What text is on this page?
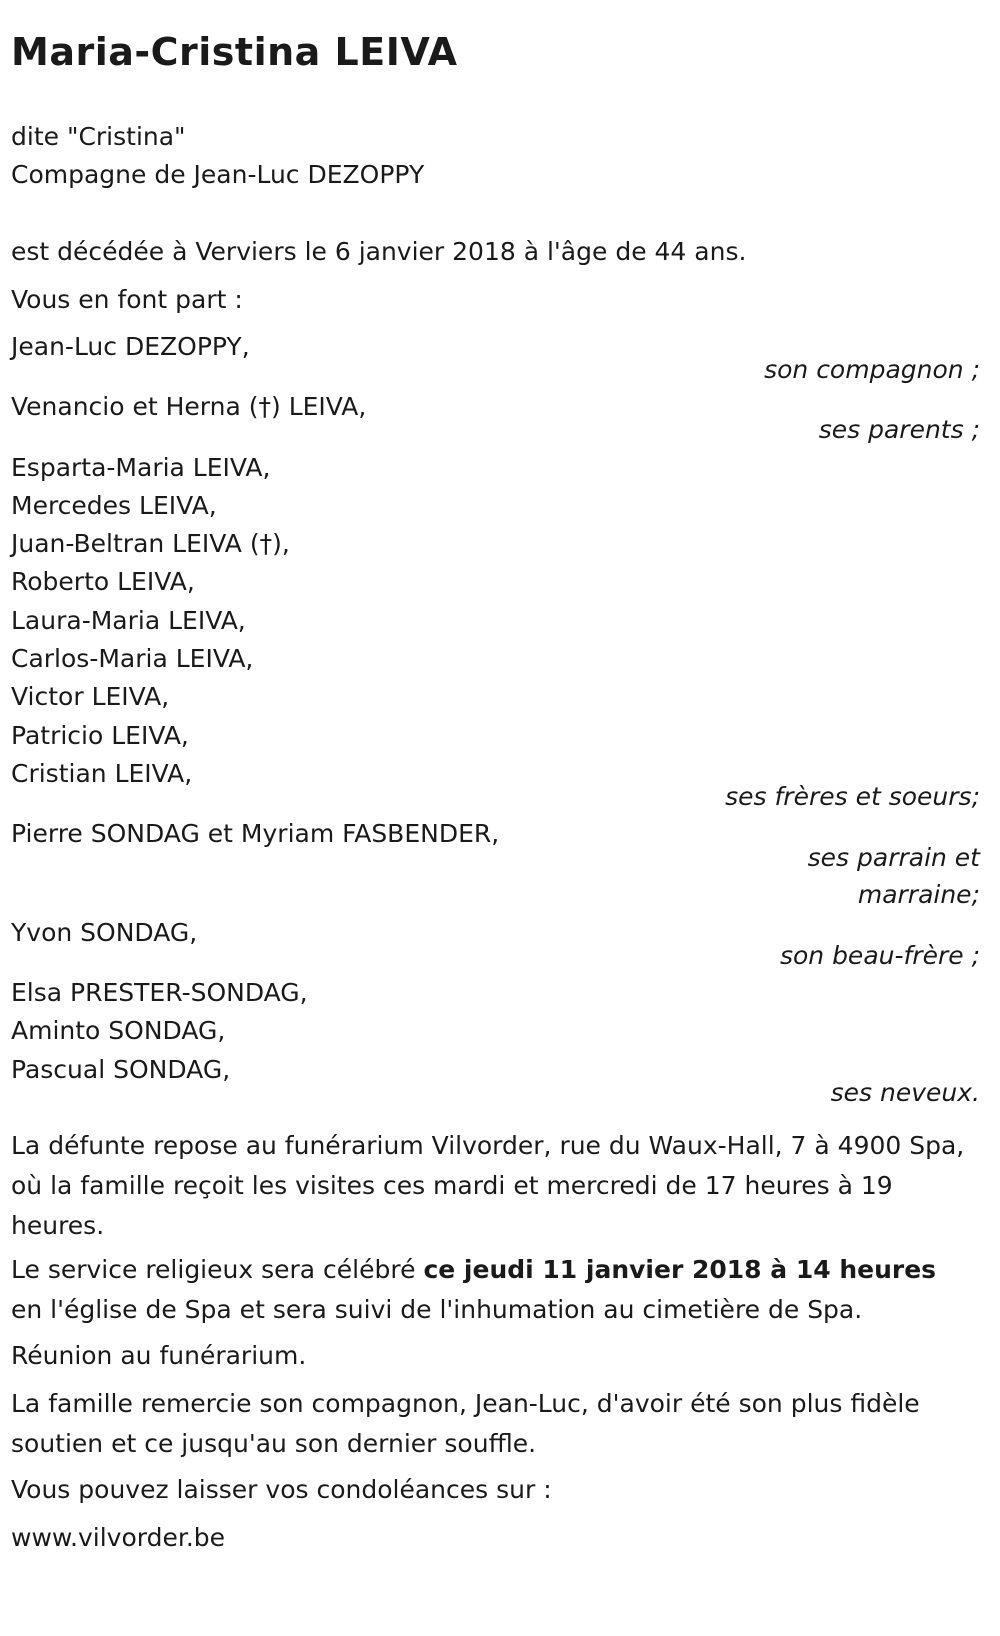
Maria-Cristina LEIVA
dite "Cristina"
Compagne de Jean-Luc DEZOPPY
est décédée à Verviers le 6 janvier 2018 à l'âge de 44 ans.
Vous en font part :
Jean-Luc DEZOPPY,
son compagnon ;
Venancio et Herna (†) LEIVA,
ses parents ;
Esparta-Maria LEIVA,
Mercedes LEIVA,
Juan-Beltran LEIVA (†),
Roberto LEIVA,
Laura-Maria LEIVA,
Carlos-Maria LEIVA,
Victor LEIVA,
Patricio LEIVA,
Cristian LEIVA,
ses frères et soeurs;
Pierre SONDAG et Myriam FASBENDER,
ses parrain et
marraine;
Yvon SONDAG,
son beau-frère ;
Elsa PRESTER-SONDAG,
Aminto SONDAG,
Pascual SONDAG,
ses neveux.
La défunte repose au funérarium Vilvorder, rue du Waux-Hall, 7 à 4900 Spa, où la famille reçoit les visites ces mardi et mercredi de 17 heures à 19 heures.
Le service religieux sera célébré ce jeudi 11 janvier 2018 à 14 heures en l'église de Spa et sera suivi de l'inhumation au cimetière de Spa.
Réunion au funérarium.
La famille remercie son compagnon, Jean-Luc, d'avoir été son plus fidèle soutien et ce jusqu'au son dernier souffle.
Vous pouvez laisser vos condoléances sur :
www.vilvorder.be
